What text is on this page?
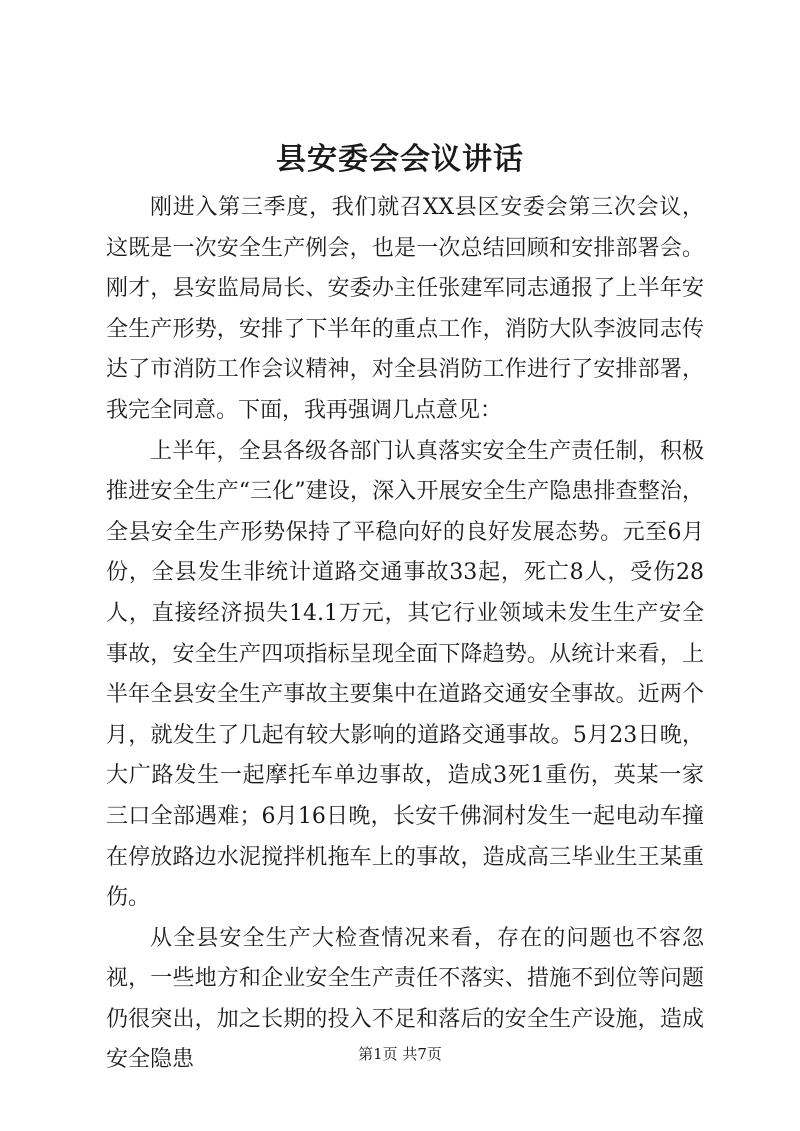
县安委会会议讲话

刚进入第三季度，我们就召XX县区安委会第三次会议，这既是一次安全生产例会，也是一次总结回顾和安排部署会。刚才，县安监局局长、安委办主任张建军同志通报了上半年安全生产形势，安排了下半年的重点工作，消防大队李波同志传达了市消防工作会议精神，对全县消防工作进行了安排部署，我完全同意。下面，我再强调几点意见：

上半年，全县各级各部门认真落实安全生产责任制，积极推进安全生产“三化”建设，深入开展安全生产隐患排查整治，全县安全生产形势保持了平稳向好的良好发展态势。元至6月份，全县发生非统计道路交通事故33起，死亡8人，受伤28人，直接经济损失14.1万元，其它行业领域未发生生产安全事故，安全生产四项指标呈现全面下降趋势。从统计来看，上半年全县安全生产事故主要集中在道路交通安全事故。近两个月，就发生了几起有较大影响的道路交通事故。5月23日晚，大广路发生一起摩托车单边事故，造成3死1重伤，英某一家三口全部遇难；6月16日晚，长安千佛洞村发生一起电动车撞在停放路边水泥搅拌机拖车上的事故，造成高三毕业生王某重伤。

从全县安全生产大检查情况来看，存在的问题也不容忽视，一些地方和企业安全生产责任不落实、措施不到位等问题仍很突出，加之长期的投入不足和落后的安全生产设施，造成安全隐患	第1页 共7页
